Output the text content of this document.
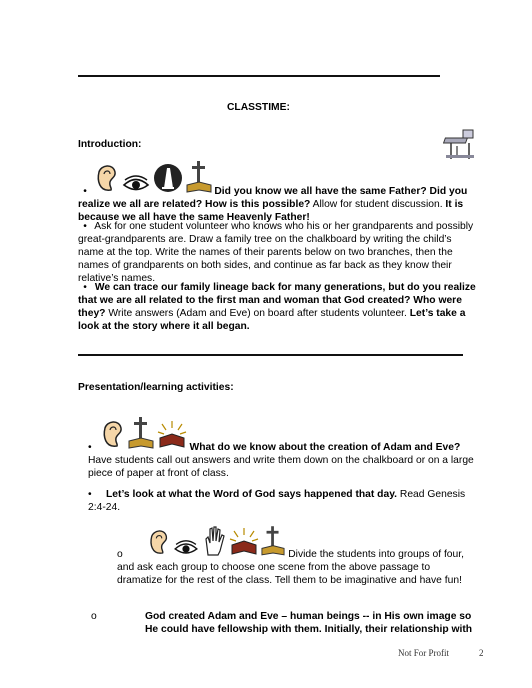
CLASSTIME:
Introduction:
•	Did you know we all have the same Father? Did you realize we all are related? How is this possible? Allow for student discussion. It is because we all have the same Heavenly Father!
• Ask for one student volunteer who knows who his or her grandparents and possibly great-grandparents are. Draw a family tree on the chalkboard by writing the child’s name at the top. Write the names of their parents below on two branches, then the names of grandparents on both sides, and continue as far back as they know their relative’s names.
• We can trace our family lineage back for many generations, but do you realize that we are all related to the first man and woman that God created? Who were they? Write answers (Adam and Eve) on board after students volunteer. Let’s take a look at the story where it all began.
Presentation/learning activities:
•	What do we know about the creation of Adam and Eve? Have students call out answers and write them down on the chalkboard or on a large piece of paper at front of class.
• Let’s look at what the Word of God says happened that day. Read Genesis 2:4-24.
o	Divide the students into groups of four, and ask each group to choose one scene from the above passage to dramatize for the rest of the class. Tell them to be imaginative and have fun!
o	God created Adam and Eve – human beings -- in His own image so He could have fellowship with them. Initially, their relationship with
Not For Profit	2
